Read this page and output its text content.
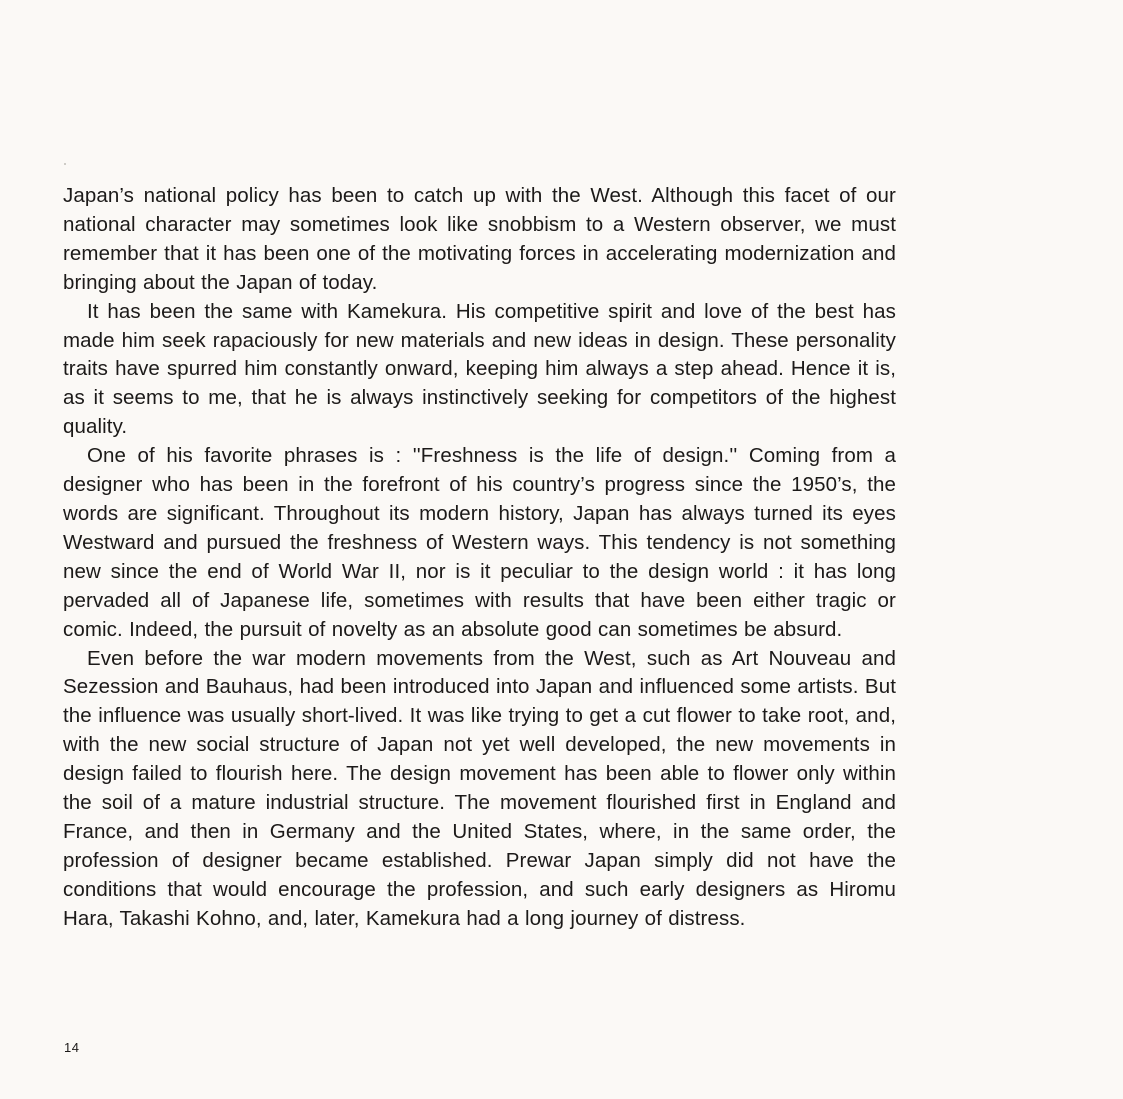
Japan’s national policy has been to catch up with the West. Although this facet of our national character may sometimes look like snobbism to a Western observer, we must remember that it has been one of the motivating forces in accelerating modernization and bringing about the Japan of today.

It has been the same with Kamekura. His competitive spirit and love of the best has made him seek rapaciously for new materials and new ideas in design. These personality traits have spurred him constantly onward, keeping him always a step ahead. Hence it is, as it seems to me, that he is always instinctively seeking for competitors of the highest quality.

One of his favorite phrases is : ''Freshness is the life of design.'' Coming from a designer who has been in the forefront of his country’s progress since the 1950’s, the words are significant. Throughout its modern history, Japan has always turned its eyes Westward and pursued the freshness of Western ways. This tendency is not something new since the end of World War II, nor is it peculiar to the design world : it has long pervaded all of Japanese life, sometimes with results that have been either tragic or comic. Indeed, the pursuit of novelty as an absolute good can sometimes be absurd.

Even before the war modern movements from the West, such as Art Nouveau and Sezession and Bauhaus, had been introduced into Japan and influenced some artists. But the influence was usually short-lived. It was like trying to get a cut flower to take root, and, with the new social structure of Japan not yet well developed, the new movements in design failed to flourish here. The design movement has been able to flower only within the soil of a mature industrial structure. The movement flourished first in England and France, and then in Germany and the United States, where, in the same order, the profession of designer became established. Prewar Japan simply did not have the conditions that would encourage the profession, and such early designers as Hiromu Hara, Takashi Kohno, and, later, Kamekura had a long journey of distress.

14
